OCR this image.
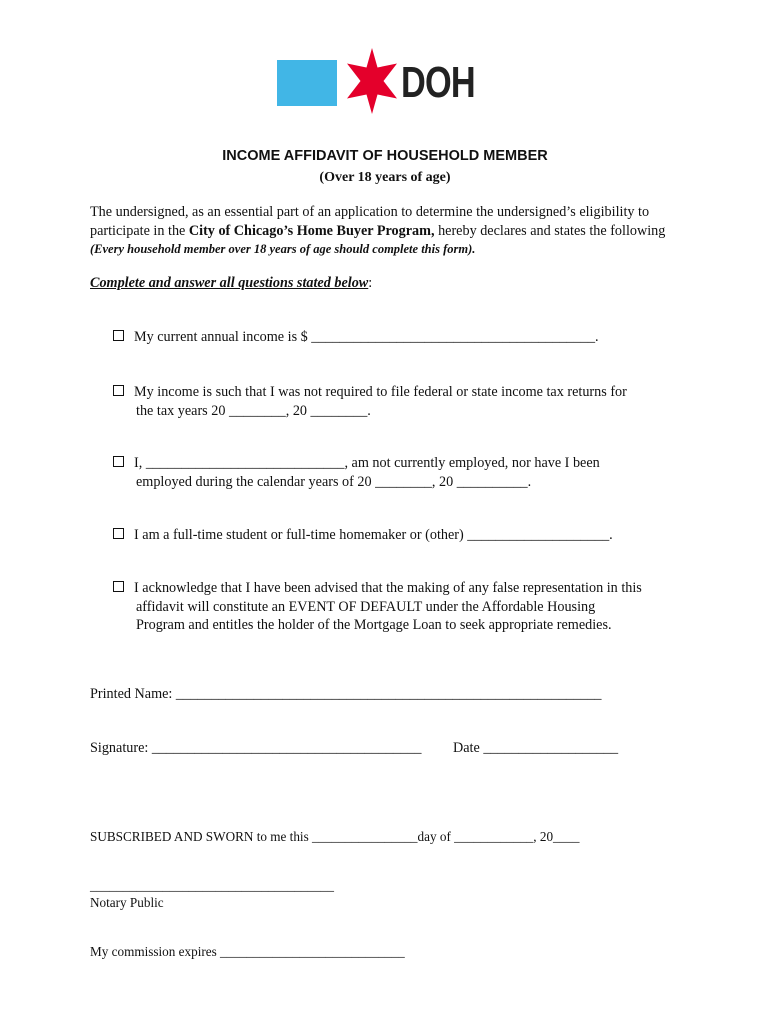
DOH
INCOME AFFIDAVIT OF HOUSEHOLD MEMBER
(Over 18 years of age)

The undersigned, as an essential part of an application to determine the undersigned’s eligibility to participate in the City of Chicago’s Home Buyer Program, hereby declares and states the following (Every household member over 18 years of age should complete this form).

Complete and answer all questions stated below:
My current annual income is $ ________________________________________.
My income is such that I was not required to file federal or state income tax returns for
the tax years 20 ________, 20 ________.
I, ____________________________, am not currently employed, nor have I been
employed during the calendar years of 20 ________, 20 __________.
I am a full-time student or full-time homemaker or (other) ____________________.
I acknowledge that I have been advised that the making of any false representation in this
affidavit will constitute an EVENT OF DEFAULT under the Affordable Housing
Program and entitles the holder of the Mortgage Loan to seek appropriate remedies.
Printed Name: ____________________________________________________________
Signature: ______________________________________ Date ___________________
SUBSCRIBED AND SWORN to me this ________________day of ____________, 20____
_____________________________________
Notary Public
My commission expires ____________________________
